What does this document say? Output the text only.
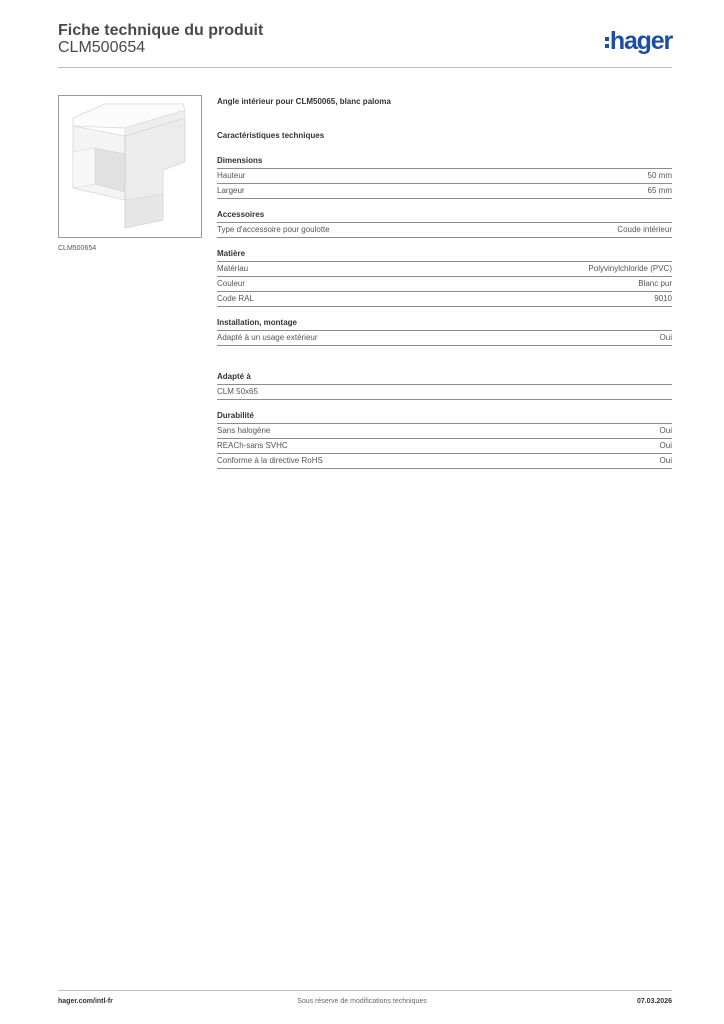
Fiche technique du produit
CLM500654	hager
CLM500654
Angle intérieur pour CLM50065, blanc paloma
Caractéristiques techniques
Dimensions
Hauteur	50 mm
Largeur	65 mm
Accessoires
Type d'accessoire pour goulotte	Coude intérieur
Matière
Matériau	Polyvinylchloride (PVC)
Couleur	Blanc pur
Code RAL	9010
Installation, montage
Adapté à un usage extérieur	Oui
Adapté à
CLM 50x65
Durabilité
Sans halogène	Oui
REACh-sans SVHC	Oui
Conforme à la directive RoHS	Oui
hager.com/intl-fr	Sous réserve de modifications techniques	07.03.2026
